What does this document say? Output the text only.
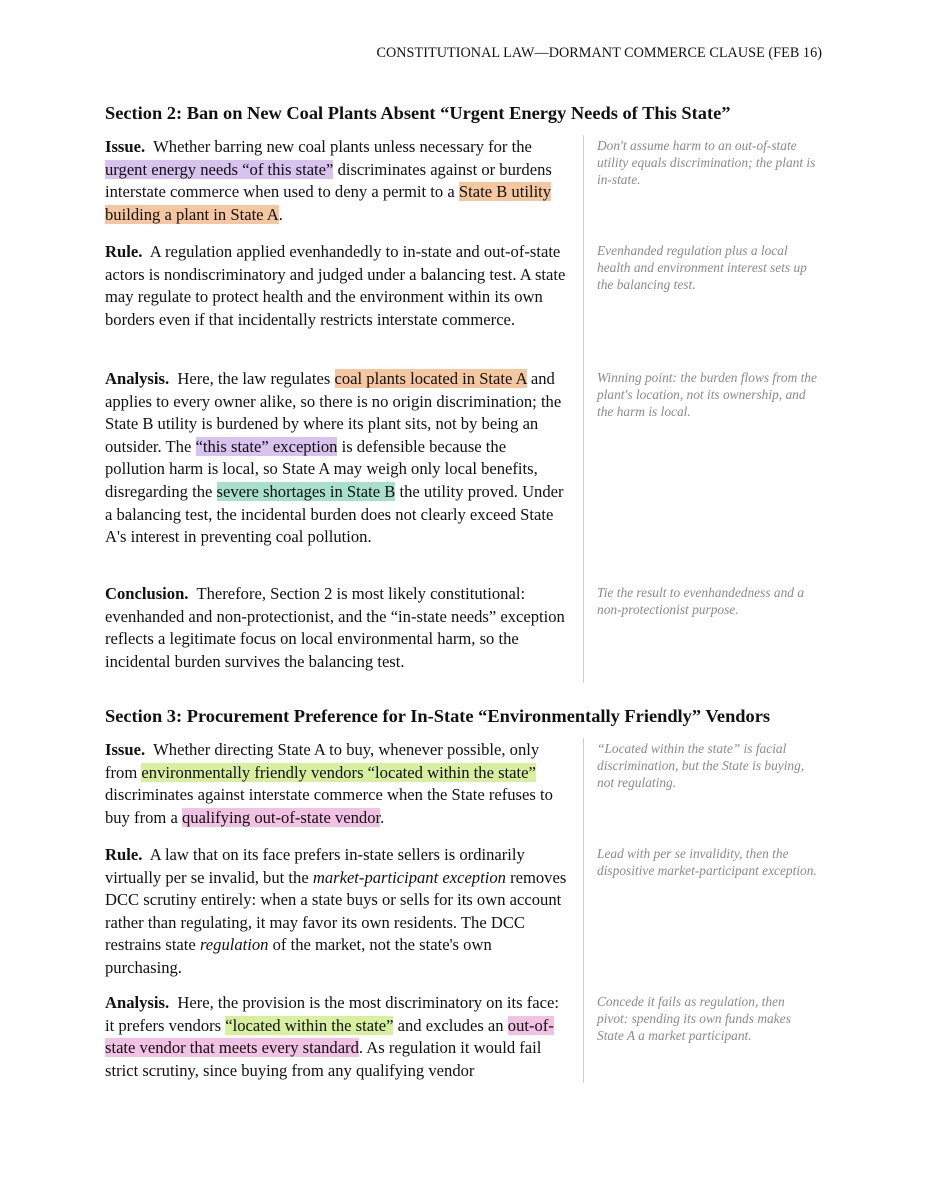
CONSTITUTIONAL LAW—DORMANT COMMERCE CLAUSE (FEB 16)
Section 2: Ban on New Coal Plants Absent “Urgent Energy Needs of This State”
Issue. Whether barring new coal plants unless necessary for the urgent energy needs “of this state” discriminates against or burdens interstate commerce when used to deny a permit to a State B utility building a plant in State A.
Don't assume harm to an out-of-state utility equals discrimination; the plant is in-state.
Rule. A regulation applied evenhandedly to in-state and out-of-state actors is nondiscriminatory and judged under a balancing test. A state may regulate to protect health and the environment within its own borders even if that incidentally restricts interstate commerce.
Evenhanded regulation plus a local health and environment interest sets up the balancing test.
Analysis. Here, the law regulates coal plants located in State A and applies to every owner alike, so there is no origin discrimination; the State B utility is burdened by where its plant sits, not by being an outsider. The “this state” exception is defensible because the pollution harm is local, so State A may weigh only local benefits, disregarding the severe shortages in State B the utility proved. Under a balancing test, the incidental burden does not clearly exceed State A's interest in preventing coal pollution.
Winning point: the burden flows from the plant's location, not its ownership, and the harm is local.
Conclusion. Therefore, Section 2 is most likely constitutional: evenhanded and non-protectionist, and the “in-state needs” exception reflects a legitimate focus on local environmental harm, so the incidental burden survives the balancing test.
Tie the result to evenhandedness and a non-protectionist purpose.
Section 3: Procurement Preference for In-State “Environmentally Friendly” Vendors
Issue. Whether directing State A to buy, whenever possible, only from environmentally friendly vendors “located within the state” discriminates against interstate commerce when the State refuses to buy from a qualifying out-of-state vendor.
“Located within the state” is facial discrimination, but the State is buying, not regulating.
Rule. A law that on its face prefers in-state sellers is ordinarily virtually per se invalid, but the market-participant exception removes DCC scrutiny entirely: when a state buys or sells for its own account rather than regulating, it may favor its own residents. The DCC restrains state regulation of the market, not the state's own purchasing.
Lead with per se invalidity, then the dispositive market-participant exception.
Analysis. Here, the provision is the most discriminatory on its face: it prefers vendors “located within the state” and excludes an out-of-state vendor that meets every standard. As regulation it would fail strict scrutiny, since buying from any qualifying vendor
Concede it fails as regulation, then pivot: spending its own funds makes State A a market participant.
